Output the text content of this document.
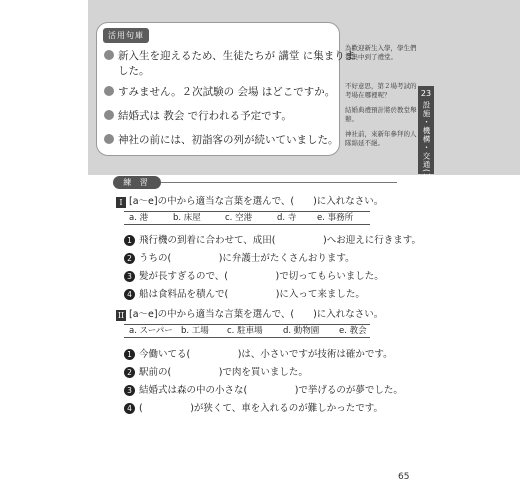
活用句庫
新入生を迎えるため、生徒たちが 講堂 に集まりま
した。
すみません。２次試験の 会場 はどこですか。
結婚式は 教会 で行われる予定です。
神社の前には、初詣客の列が続いていました。
為歡迎新生入學，學生們都集中到了禮堂。
不好意思，第２場考試的考場在哪裡呢？
結婚典禮預計將於教堂舉辦。
神社前，來新年參拜的人隊綿延不絕。
23
設施・機構・交通(1)
練 習
I [a～e]の中から適当な言葉を選んで、(　　)に入れなさい。
a. 港	b. 床屋	c. 空港	d. 寺	e. 事務所
1 飛行機の到着に合わせて、成田(　　　　　)へお迎えに行きます。
2 うちの(　　　　　)に弁護士がたくさんおります。
3 髪が長すぎるので、(　　　　　)で切ってもらいました。
4 船は食料品を積んで(　　　　　)に入って来ました。
II [a～e]の中から適当な言葉を選んで、(　　)に入れなさい。
a. スーパー b. 工場	c. 駐車場	d. 動物園	e. 教会
1 今働いてる(　　　　　)は、小さいですが技術は確かです。
2 駅前の(　　　　　)で肉を買いました。
3 結婚式は森の中の小さな(　　　　　)で挙げるのが夢でした。
4 (　　　　　)が狭くて、車を入れるのが難しかったです。
65
